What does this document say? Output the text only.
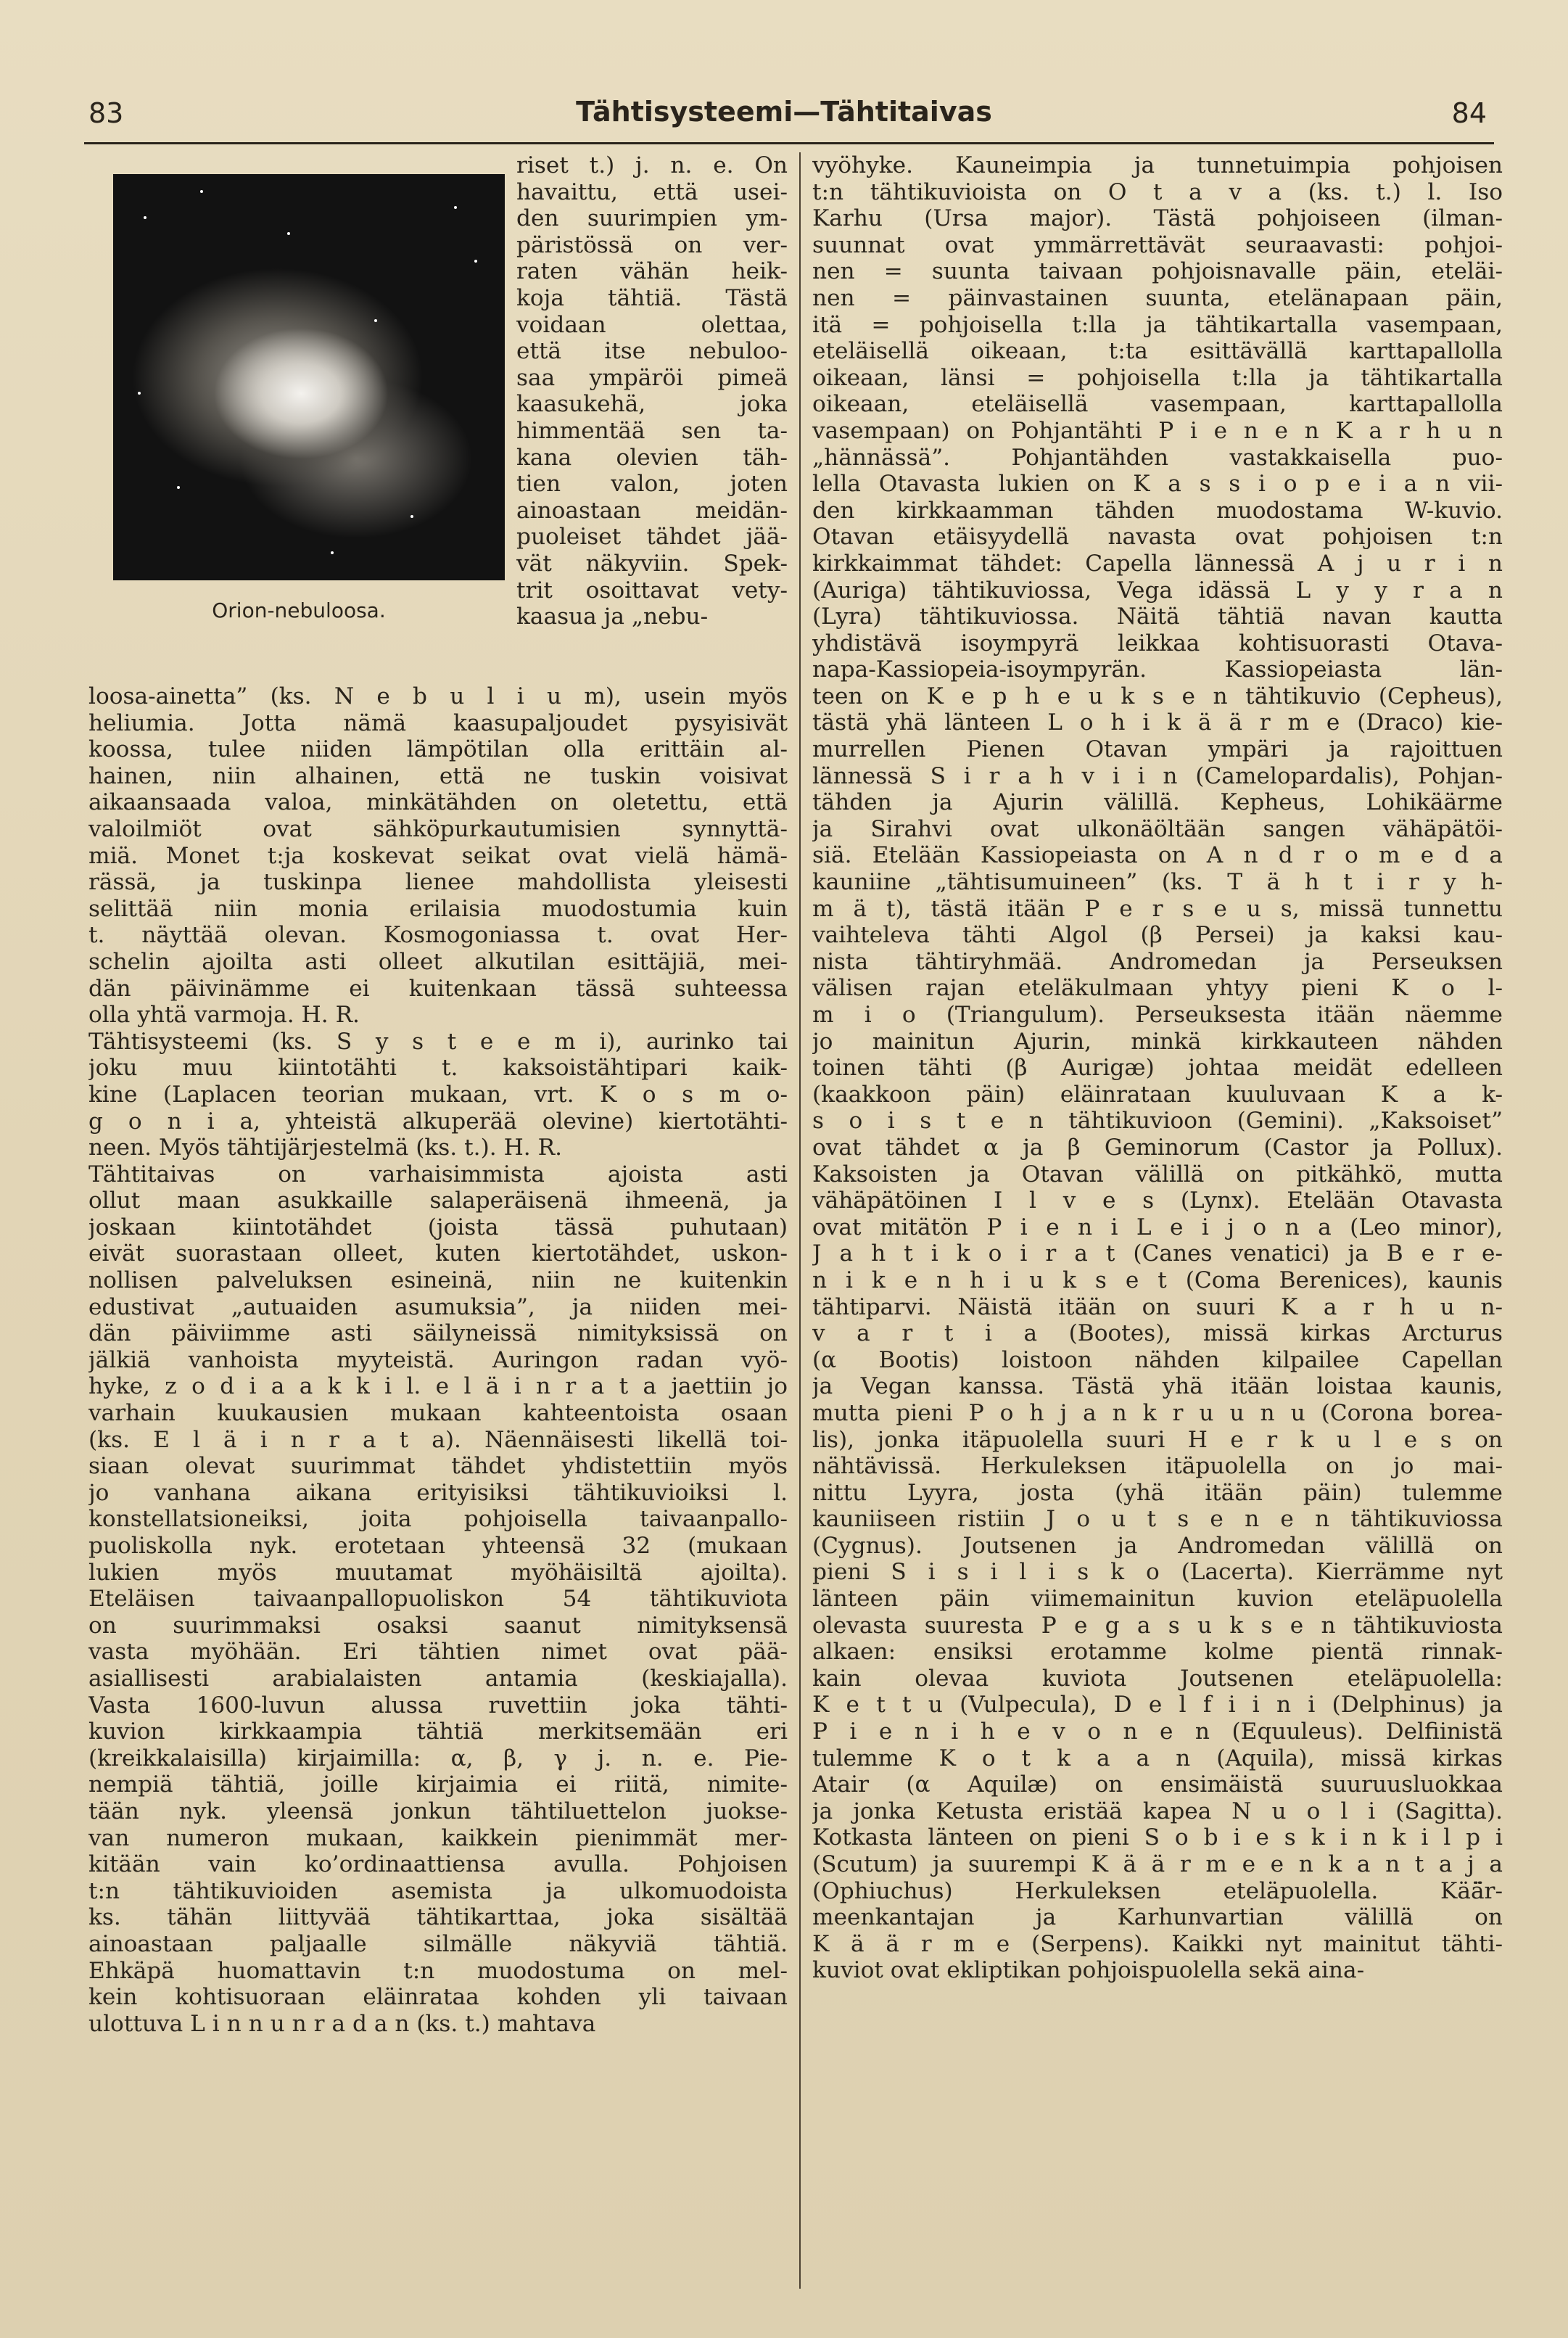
83	Tähtisysteemi—Tähtitaivas	84
Orion-nebuloosa.

riset t.) j. n. e. On

havaittu, että usei-

den suurimpien ym-

päristössä on ver-

raten vähän heik-

koja tähtiä. Tästä

voidaan olettaa,

että itse nebuloo-

saa ympäröi pimeä

kaasukehä, joka

himmentää sen ta-

kana olevien täh-

tien valon, joten

ainoastaan meidän-

puoleiset tähdet jää-

vät näkyviin. Spek-

trit osoittavat vety-

kaasua ja „nebu-

loosa-ainetta” (ks. N e b u l i u m), usein myös

heliumia. Jotta nämä kaasupaljoudet pysyisivät

koossa, tulee niiden lämpötilan olla erittäin al-

hainen, niin alhainen, että ne tuskin voisivat

aikaansaada valoa, minkätähden on oletettu, että

valoilmiöt ovat sähköpurkautumisien synnyttä-

miä. Monet t:ja koskevat seikat ovat vielä hämä-

rässä, ja tuskinpa lienee mahdollista yleisesti

selittää niin monia erilaisia muodostumia kuin

t. näyttää olevan. Kosmogoniassa t. ovat Her-

schelin ajoilta asti olleet alkutilan esittäjiä, mei-

dän päivinämme ei kuitenkaan tässä suhteessa

olla yhtä varmoja. H. R.

Tähtisysteemi (ks. S y s t e e m i), aurinko tai

joku muu kiintotähti t. kaksoistähtipari kaik-

kine (Laplacen teorian mukaan, vrt. K o s m o-

g o n i a, yhteistä alkuperää olevine) kiertotähti-

neen. Myös tähtijärjestelmä (ks. t.). H. R.

Tähtitaivas on varhaisimmista ajoista asti

ollut maan asukkaille salaperäisenä ihmeenä, ja

joskaan kiintotähdet (joista tässä puhutaan)

eivät suorastaan olleet, kuten kiertotähdet, uskon-

nollisen palveluksen esineinä, niin ne kuitenkin

edustivat „autuaiden asumuksia”, ja niiden mei-

dän päiviimme asti säilyneissä nimityksissä on

jälkiä vanhoista myyteistä. Auringon radan vyö-

hyke, z o d i a a k k i l. e l ä i n r a t a jaettiin jo

varhain kuukausien mukaan kahteentoista osaan

(ks. E l ä i n r a t a). Näennäisesti likellä toi-

siaan olevat suurimmat tähdet yhdistettiin myös

jo vanhana aikana erityisiksi tähtikuvioiksi l.

konstellatsioneiksi, joita pohjoisella taivaanpallo-

puoliskolla nyk. erotetaan yhteensä 32 (mukaan

lukien myös muutamat myöhäisiltä ajoilta).

Eteläisen taivaanpallopuoliskon 54 tähtikuviota

on suurimmaksi osaksi saanut nimityksensä

vasta myöhään. Eri tähtien nimet ovat pää-

asiallisesti arabialaisten antamia (keskiajalla).

Vasta 1600-luvun alussa ruvettiin joka tähti-

kuvion kirkkaampia tähtiä merkitsemään eri

(kreikkalaisilla) kirjaimilla: α, β, γ j. n. e. Pie-

nempiä tähtiä, joille kirjaimia ei riitä, nimite-

tään nyk. yleensä jonkun tähtiluettelon juokse-

van numeron mukaan, kaikkein pienimmät mer-

kitään vain ko’ordinaattiensa avulla. Pohjoisen

t:n tähtikuvioiden asemista ja ulkomuodoista

ks. tähän liittyvää tähtikarttaa, joka sisältää

ainoastaan paljaalle silmälle näkyviä tähtiä.

Ehkäpä huomattavin t:n muodostuma on mel-

kein kohtisuoraan eläinrataa kohden yli taivaan

ulottuva L i n n u n r a d a n (ks. t.) mahtava

vyöhyke. Kauneimpia ja tunnetuimpia pohjoisen

t:n tähtikuvioista on O t a v a (ks. t.) l. Iso

Karhu (Ursa major). Tästä pohjoiseen (ilman-

suunnat ovat ymmärrettävät seuraavasti: pohjoi-

nen = suunta taivaan pohjoisnavalle päin, eteläi-

nen = päinvastainen suunta, etelänapaan päin,

itä = pohjoisella t:lla ja tähtikartalla vasempaan,

eteläisellä oikeaan, t:ta esittävällä karttapallolla

oikeaan, länsi = pohjoisella t:lla ja tähtikartalla

oikeaan, eteläisellä vasempaan, karttapallolla

vasempaan) on Pohjantähti P i e n e n K a r h u n

„hännässä”. Pohjantähden vastakkaisella puo-

lella Otavasta lukien on K a s s i o p e i a n vii-

den kirkkaamman tähden muodostama W-kuvio.

Otavan etäisyydellä navasta ovat pohjoisen t:n

kirkkaimmat tähdet: Capella lännessä A j u r i n

(Auriga) tähtikuviossa, Vega idässä L y y r a n

(Lyra) tähtikuviossa. Näitä tähtiä navan kautta

yhdistävä isoympyrä leikkaa kohtisuorasti Otava-

napa-Kassiopeia-isoympyrän. Kassiopeiasta län-

teen on K e p h e u k s e n tähtikuvio (Cepheus),

tästä yhä länteen L o h i k ä ä r m e (Draco) kie-

murrellen Pienen Otavan ympäri ja rajoittuen

lännessä S i r a h v i i n (Camelopardalis), Pohjan-

tähden ja Ajurin välillä. Kepheus, Lohikäärme

ja Sirahvi ovat ulkonäöltään sangen vähäpätöi-

siä. Etelään Kassiopeiasta on A n d r o m e d a

kauniine „tähtisumuineen” (ks. T ä h t i r y h-

m ä t), tästä itään P e r s e u s, missä tunnettu

vaihteleva tähti Algol (β Persei) ja kaksi kau-

nista tähtiryhmää. Andromedan ja Perseuksen

välisen rajan eteläkulmaan yhtyy pieni K o l-

m i o (Triangulum). Perseuksesta itään näemme

jo mainitun Ajurin, minkä kirkkauteen nähden

toinen tähti (β Aurigæ) johtaa meidät edelleen

(kaakkoon päin) eläinrataan kuuluvaan K a k-

s o i s t e n tähtikuvioon (Gemini). „Kaksoiset”

ovat tähdet α ja β Geminorum (Castor ja Pollux).

Kaksoisten ja Otavan välillä on pitkähkö, mutta

vähäpätöinen I l v e s (Lynx). Etelään Otavasta

ovat mitätön P i e n i L e i j o n a (Leo minor),

J a h t i k o i r a t (Canes venatici) ja B e r e-

n i k e n h i u k s e t (Coma Berenices), kaunis

tähtiparvi. Näistä itään on suuri K a r h u n-

v a r t i a (Bootes), missä kirkas Arcturus

(α Bootis) loistoon nähden kilpailee Capellan

ja Vegan kanssa. Tästä yhä itään loistaa kaunis,

mutta pieni P o h j a n k r u u n u (Corona borea-

lis), jonka itäpuolella suuri H e r k u l e s on

nähtävissä. Herkuleksen itäpuolella on jo mai-

nittu Lyyra, josta (yhä itään päin) tulemme

kauniiseen ristiin J o u t s e n e n tähtikuviossa

(Cygnus). Joutsenen ja Andromedan välillä on

pieni S i s i l i s k o (Lacerta). Kierrämme nyt

länteen päin viimemainitun kuvion eteläpuolella

olevasta suuresta P e g a s u k s e n tähtikuviosta

alkaen: ensiksi erotamme kolme pientä rinnak-

kain olevaa kuviota Joutsenen eteläpuolella:

K e t t u (Vulpecula), D e l f i i n i (Delphinus) ja

P i e n i h e v o n e n (Equuleus). Delfiinistä

tulemme K o t k a a n (Aquila), missä kirkas

Atair (α Aquilæ) on ensimäistä suuruusluokkaa

ja jonka Ketusta eristää kapea N u o l i (Sagitta).

Kotkasta länteen on pieni S o b i e s k i n k i l p i

(Scutum) ja suurempi K ä ä r m e e n k a n t a j a

(Ophiuchus) Herkuleksen eteläpuolella. Kää̈r-

meenkantajan ja Karhunvartian välillä on

K ä ä r m e (Serpens). Kaikki nyt mainitut tähti-

kuviot ovat ekliptikan pohjoispuolella sekä aina-
